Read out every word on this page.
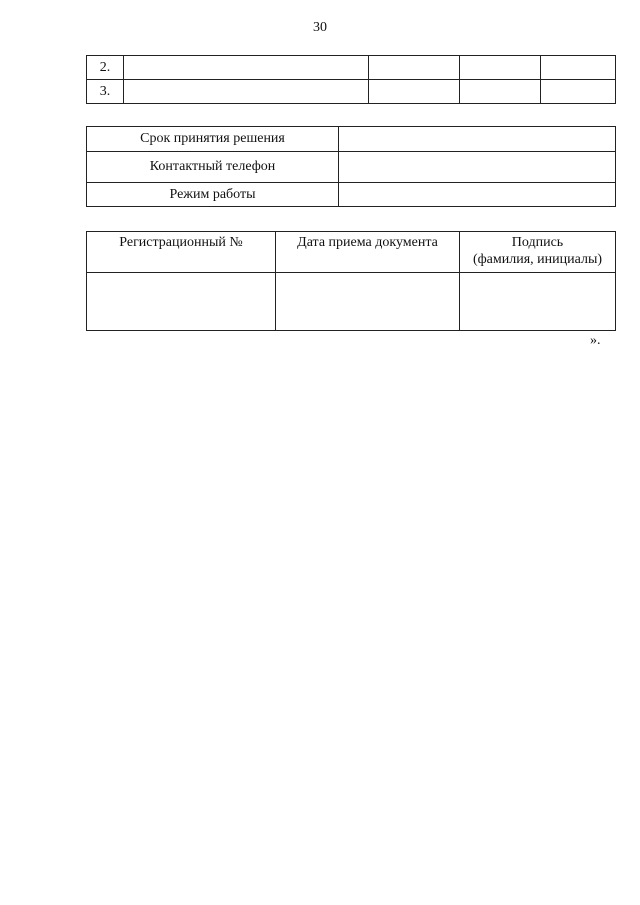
30
2.				
3.				
Срок принятия решения	
Контактный телефон	
Режим работы	
Регистрационный №	Дата приема документа	Подпись
(фамилия, инициалы)

».
